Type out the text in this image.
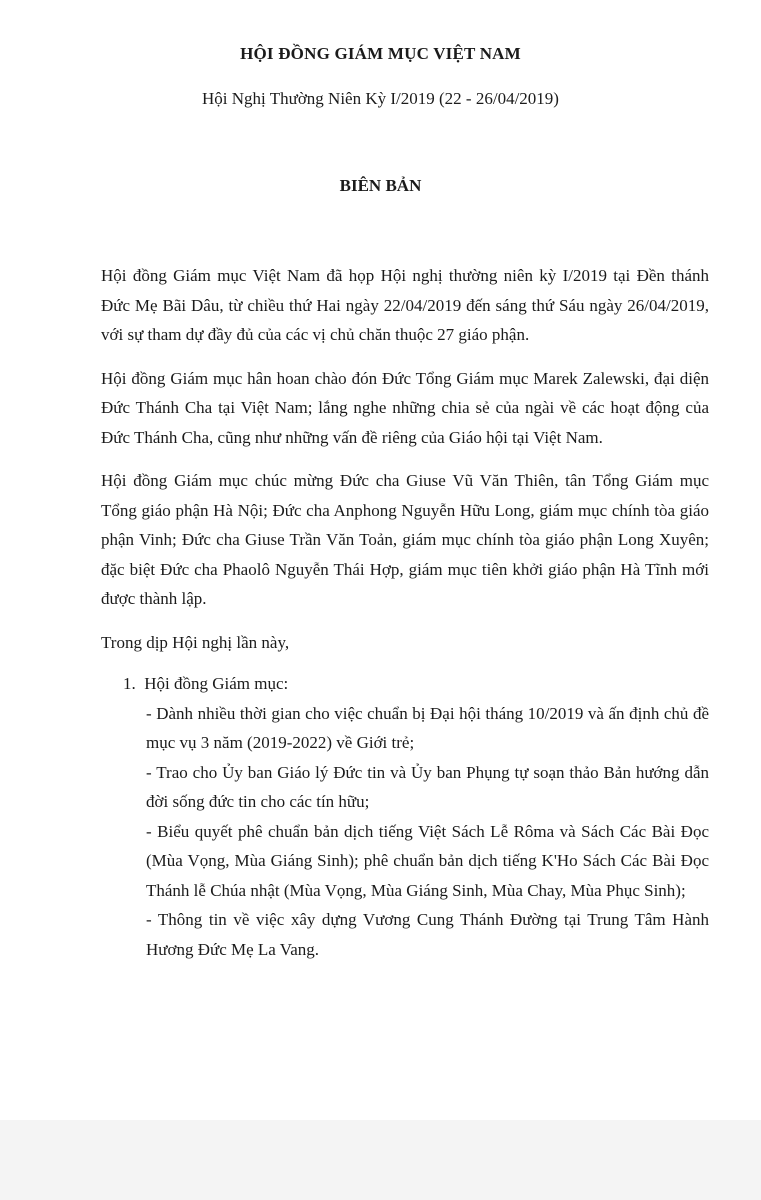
HỘI ĐỒNG GIÁM MỤC VIỆT NAM
Hội Nghị Thường Niên Kỳ I/2019 (22 - 26/04/2019)
BIÊN BẢN

Hội đồng Giám mục Việt Nam đã họp Hội nghị thường niên kỳ I/2019 tại Đền thánh Đức Mẹ Bãi Dâu, từ chiều thứ Hai ngày 22/04/2019 đến sáng thứ Sáu ngày 26/04/2019, với sự tham dự đầy đủ của các vị chủ chăn thuộc 27 giáo phận.

Hội đồng Giám mục hân hoan chào đón Đức Tổng Giám mục Marek Zalewski, đại diện Đức Thánh Cha tại Việt Nam; lắng nghe những chia sẻ của ngài về các hoạt động của Đức Thánh Cha, cũng như những vấn đề riêng của Giáo hội tại Việt Nam.

Hội đồng Giám mục chúc mừng Đức cha Giuse Vũ Văn Thiên, tân Tổng Giám mục Tổng giáo phận Hà Nội; Đức cha Anphong Nguyễn Hữu Long, giám mục chính tòa giáo phận Vinh; Đức cha Giuse Trần Văn Toản, giám mục chính tòa giáo phận Long Xuyên; đặc biệt Đức cha Phaolô Nguyễn Thái Hợp, giám mục tiên khởi giáo phận Hà Tĩnh mới được thành lập.

Trong dịp Hội nghị lần này,

1.  Hội đồng Giám mục:

- Dành nhiều thời gian cho việc chuẩn bị Đại hội tháng 10/2019 và ấn định chủ đề mục vụ 3 năm (2019-2022) về Giới trẻ;

- Trao cho Ủy ban Giáo lý Đức tin và Ủy ban Phụng tự soạn thảo Bản hướng dẫn đời sống đức tin cho các tín hữu;

- Biểu quyết phê chuẩn bản dịch tiếng Việt Sách Lễ Rôma và Sách Các Bài Đọc (Mùa Vọng, Mùa Giáng Sinh); phê chuẩn bản dịch tiếng K'Ho Sách Các Bài Đọc Thánh lễ Chúa nhật (Mùa Vọng, Mùa Giáng Sinh, Mùa Chay, Mùa Phục Sinh);

- Thông tin về việc xây dựng Vương Cung Thánh Đường tại Trung Tâm Hành Hương Đức Mẹ La Vang.
